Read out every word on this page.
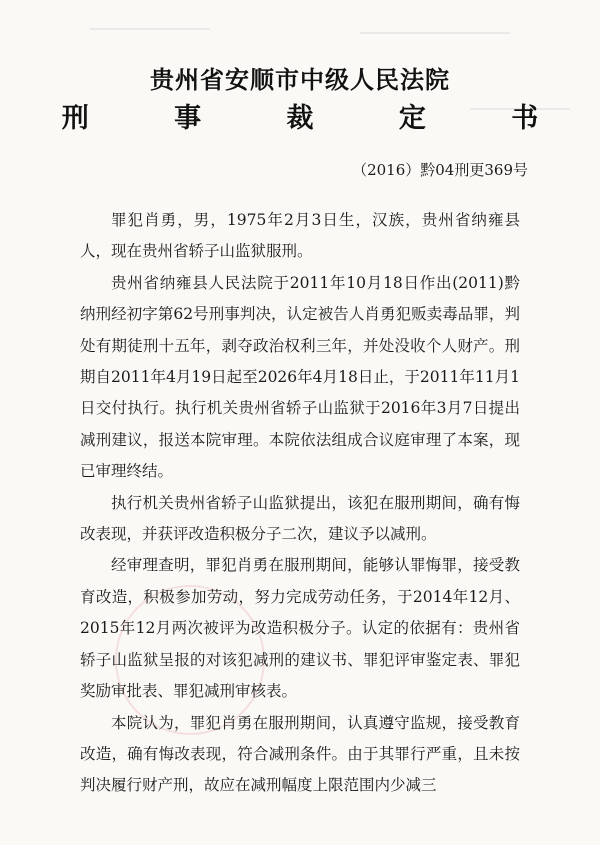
贵州省安顺市中级人民法院
刑 事 裁 定 书
（2016）黔04刑更369号

罪犯肖勇，男，1975年2月3日生，汉族，贵州省纳雍县人，现在贵州省轿子山监狱服刑。

贵州省纳雍县人民法院于2011年10月18日作出(2011)黔纳刑经初字第62号刑事判决，认定被告人肖勇犯贩卖毒品罪，判处有期徒刑十五年，剥夺政治权利三年，并处没收个人财产。刑期自2011年4月19日起至2026年4月18日止，于2011年11月1日交付执行。执行机关贵州省轿子山监狱于2016年3月7日提出减刑建议，报送本院审理。本院依法组成合议庭审理了本案，现已审理终结。

执行机关贵州省轿子山监狱提出，该犯在服刑期间，确有悔改表现，并获评改造积极分子二次，建议予以减刑。

经审理查明，罪犯肖勇在服刑期间，能够认罪悔罪，接受教育改造，积极参加劳动，努力完成劳动任务，于2014年12月、2015年12月两次被评为改造积极分子。认定的依据有：贵州省轿子山监狱呈报的对该犯减刑的建议书、罪犯评审鉴定表、罪犯奖励审批表、罪犯减刑审核表。

本院认为，罪犯肖勇在服刑期间，认真遵守监规，接受教育改造，确有悔改表现，符合减刑条件。由于其罪行严重，且未按判决履行财产刑，故应在减刑幅度上限范围内少减三
